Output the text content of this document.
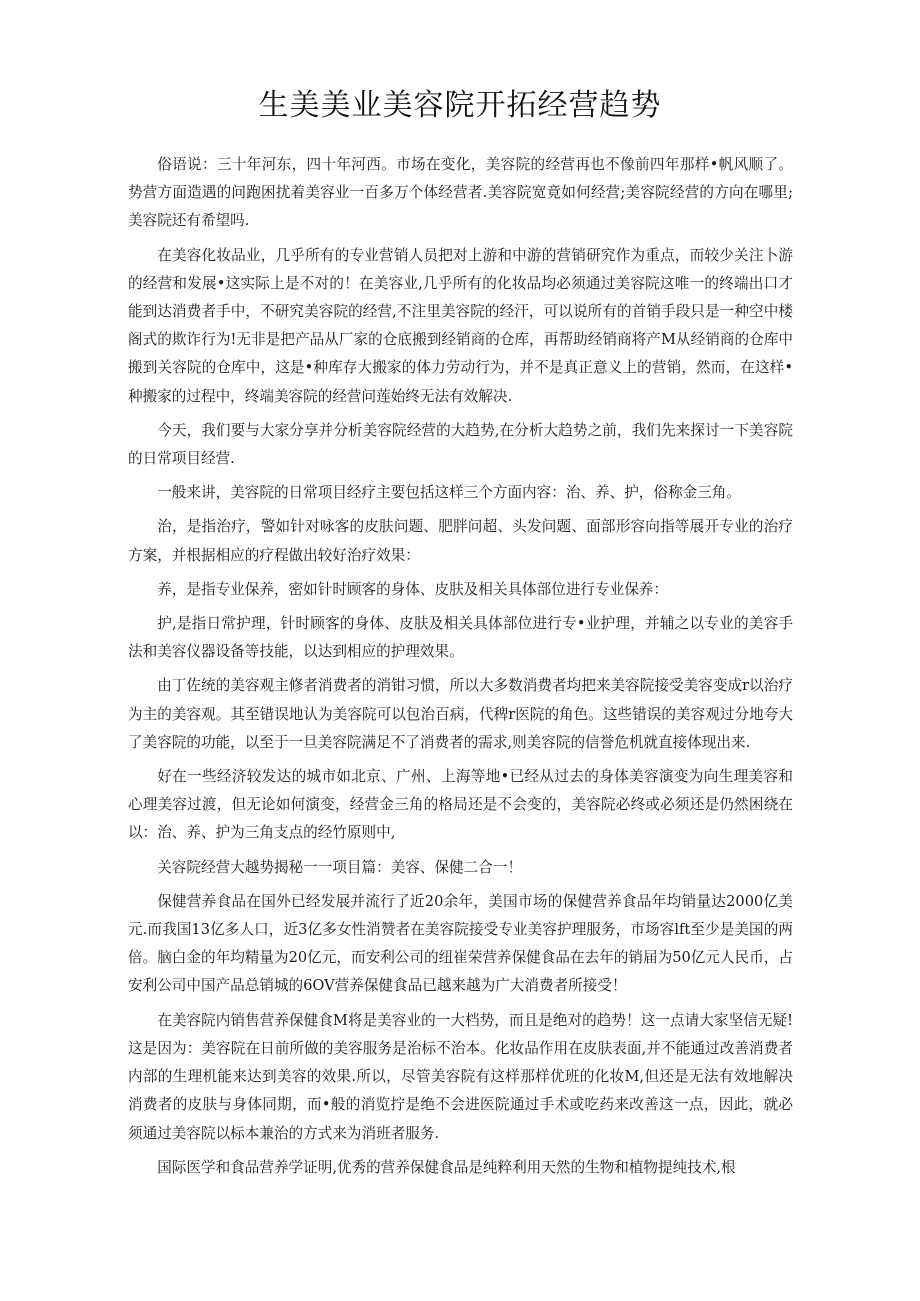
生美美业美容院开拓经营趋势

俗语说：三十年河东，四十年河西。市场在变化，美容院的经营再也不像前四年那样•帆风顺了。势营方面造遇的问跑困扰着美容业一百多万个体经营者.美容院宽竟如何经营;美容院经营的方向在哪里;美容院还有希望吗.

在美容化妆品业，几乎所有的专业营销人员把对上游和中游的营销研究作为重点，而较少关注卜游的经营和发展•这实际上是不对的！在美容业,几乎所有的化妆品均必须通过美容院这唯一的终端出口才能到达消费者手中，不研究美容院的经营,不注里美容院的经汗，可以说所有的首销手段只是一种空中楼阁式的欺诈行为!无非是把产品从厂家的仓底搬到经销商的仓库，再帮助经销商将产M从经销商的仓库中搬到关容院的仓库中，这是•种库存大搬家的体力劳动行为，并不是真正意义上的营销，然而，在这样•种搬家的过程中，终端美容院的经营问莲始终无法有效解决.

今天，我们要与大家分享并分析美容院经营的大趋势,在分析大趋势之前，我们先来探讨一下美容院的日常项目经营.

一般来讲，美容院的日常项目经疗主要包括这样三个方面内容：治、养、护，俗称金三角。

治，是指治疗，警如针对咏客的皮肤问题、肥胖问超、头发问题、面部形容向指等展开专业的治疗方案，并根据相应的疗程做出较好治疗效果：

养，是指专业保养，密如针时顾客的身体、皮肤及相关具体部位进行专业保养：

护,是指日常护理，针时顾客的身体、皮肤及相关具体部位进行专•业护理，并辅之以专业的美容手法和美容仪器设备等技能，以达到相应的护理效果。

由丁佐统的美容观主修者消费者的消钳习惯，所以大多数消费者均把来美容院接受美容变成r以治疗为主的美容观。其至错误地认为美容院可以包治百病，代稗r医院的角色。这些错误的美容观过分地夸大了美容院的功能，以至于一旦美容院满足不了消费者的需求,则美容院的信誉危机就直接体现出来.

好在一些经济较发达的城市如北京、广州、上海等地•已经从过去的身体美容演变为向生理美容和心理美容过渡，但无论如何演变，经营金三角的格局还是不会变的，美容院必终或必须还是仍然困绕在以：治、养、护为三角支点的经竹原则中,

关容院经营大越势揭秘一一项目篇：美容、保健二合一！

保健营养食品在国外已经发展并流行了近20余年，美国市场的保健营养食品年均销量达2000亿美元.而我国13亿多人口，近3亿多女性消赞者在美容院接受专业美容护理服务，市场容lft至少是美国的两倍。脑白金的年均精量为20亿元，而安利公司的纽崔荣营养保健食品在去年的销届为50亿元人民币，占安利公司中国产品总销城的6OV营养保健食品已越来越为广大消费者所接受！

在美容院内销售营养保健食M将是美容业的一大档势，而且是绝对的趋势！这一点请大家坚信无疑!这是因为：美容院在日前所做的美容服务是治标不治本。化妆品作用在皮肤表面,并不能通过改善消费者内部的生理机能来达到美容的效果.所以，尽管美容院有这样那样优班的化妆M,但还是无法有效地解决消费者的皮肤与身体同期，而•般的消览拧是绝不会进医院通过手术或吃药来改善这一点，因此，就必须通过美容院以标本兼治的方式来为消班者服务.

国际医学和食品营养学证明,优秀的营养保健食品是纯粹利用天然的生物和植物提纯技术,根
